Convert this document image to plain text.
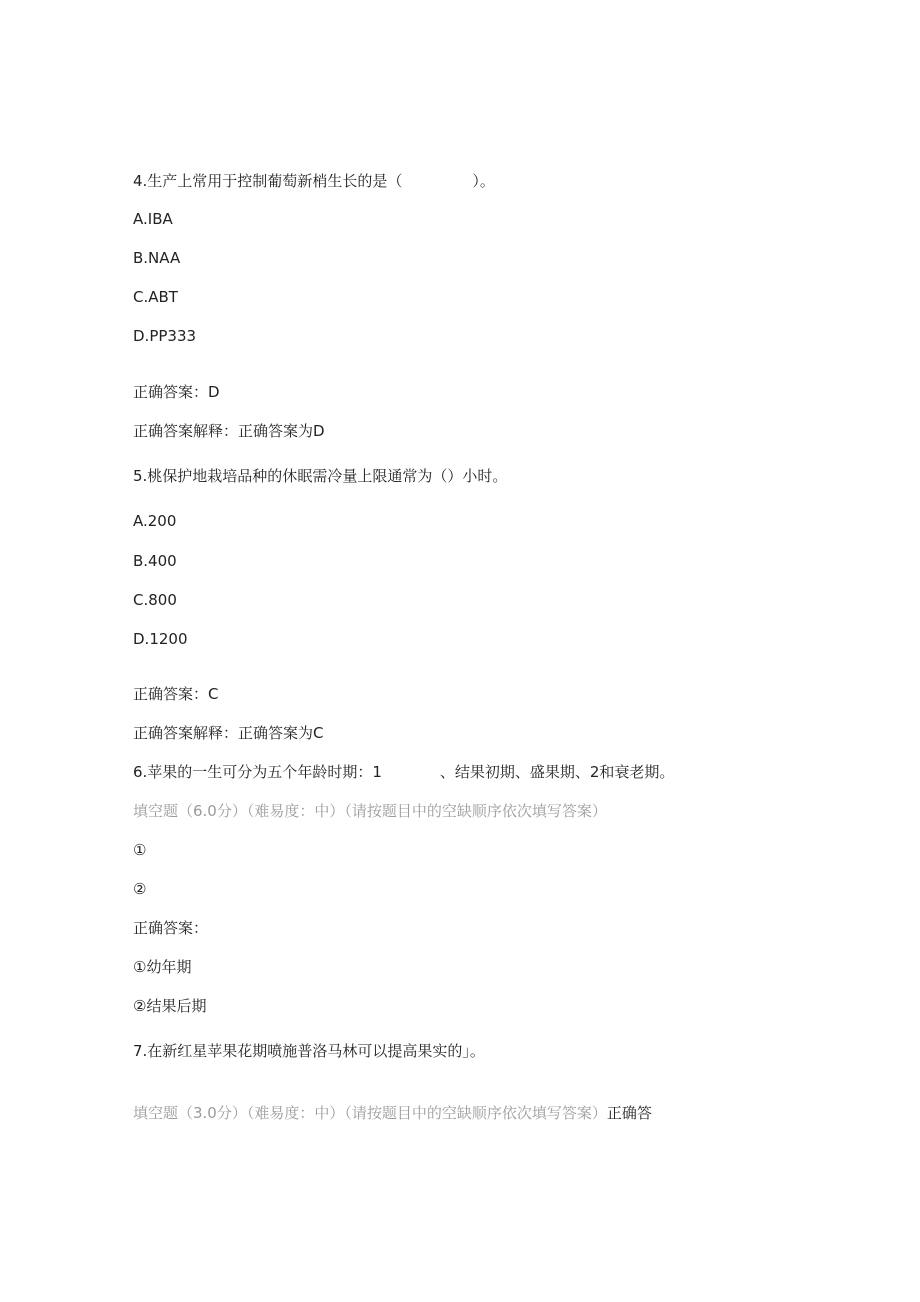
4.生产上常用于控制葡萄新梢生长的是（	）。

A.IBA

B.NAA

C.ABT

D.PP333

正确答案：D

正确答案解释：正确答案为D

5.桃保护地栽培品种的休眠需冷量上限通常为（）小时。

A.200

B.400

C.800

D.1200

正确答案：C

正确答案解释：正确答案为C

6.苹果的一生可分为五个年龄时期：1	、结果初期、盛果期、2和衰老期。

填空题（6.0分）（难易度：中）（请按题目中的空缺顺序依次填写答案）

①

②

正确答案：

①幼年期

②结果后期

7.在新红星苹果花期喷施普洛马林可以提高果实的」。

填空题（3.0分）（难易度：中）（请按题目中的空缺顺序依次填写答案）正确答
